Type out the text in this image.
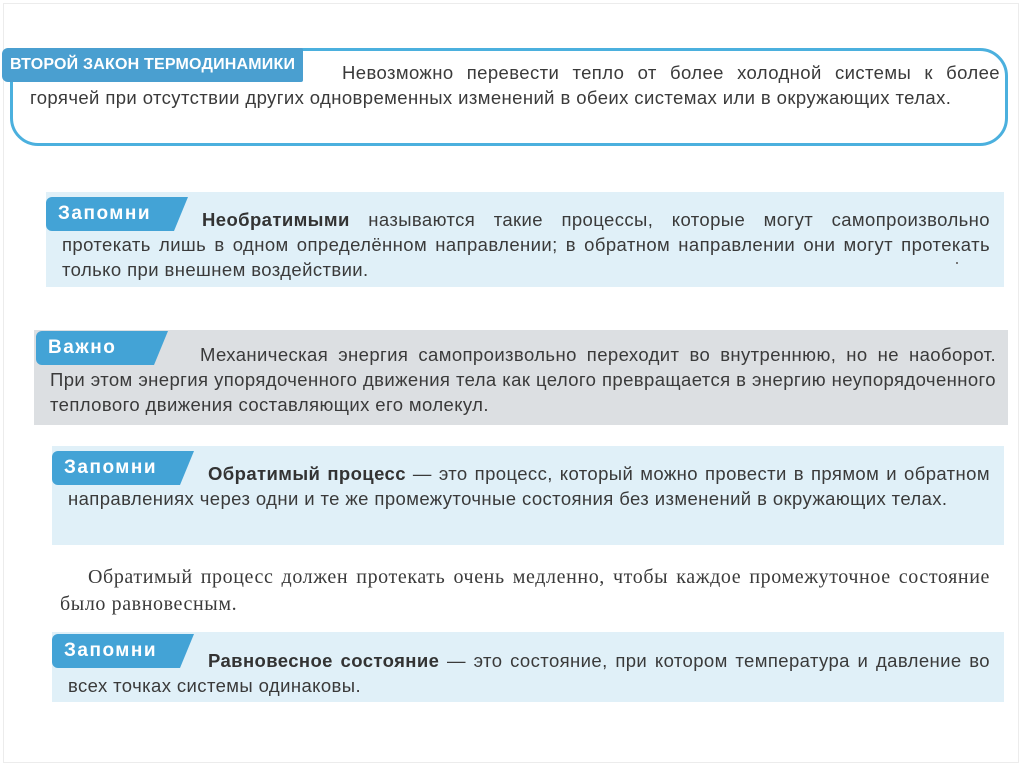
ВТОРОЙ ЗАКОН ТЕРМОДИНАМИКИ	Невозможно перевести тепло от более холодной системы к более горячей при отсутствии других одновременных изменений в обеих системах или в окружающих телах.
Запомни	Необратимыми называются такие процессы, которые могут самопроизвольно протекать лишь в одном определённом направлении; в обратном направлении они могут протекать только при внешнем воздействии.
Важно	Механическая энергия самопроизвольно переходит во внутреннюю, но не наоборот. При этом энергия упорядоченного движения тела как целого превращается в энергию неупорядоченного теплового движения составляющих его молекул.
Запомни	Обратимый процесс — это процесс, который можно провести в прямом и обратном направлениях через одни и те же промежуточные состояния без изменений в окружающих телах.
Обратимый процесс должен протекать очень медленно, чтобы каждое промежуточное состояние было равновесным.
Запомни	Равновесное состояние — это состояние, при котором температура и давление во всех точках системы одинаковы.
